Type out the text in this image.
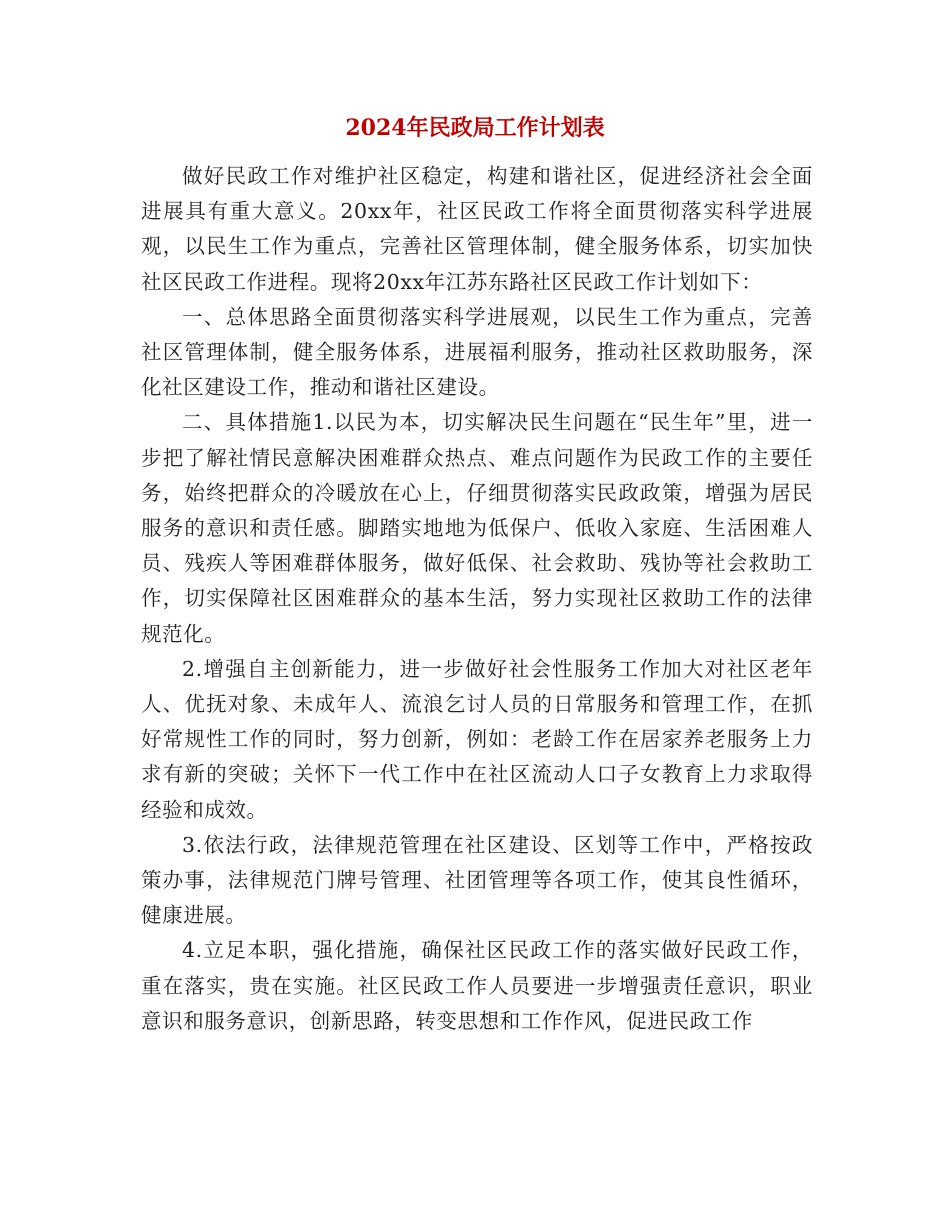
2024年民政局工作计划表

做好民政工作对维护社区稳定，构建和谐社区，促进经济社会全面进展具有重大意义。20xx年，社区民政工作将全面贯彻落实科学进展观，以民生工作为重点，完善社区管理体制，健全服务体系，切实加快社区民政工作进程。现将20xx年江苏东路社区民政工作计划如下：

一、总体思路全面贯彻落实科学进展观，以民生工作为重点，完善社区管理体制，健全服务体系，进展福利服务，推动社区救助服务，深化社区建设工作，推动和谐社区建设。

二、具体措施1.以民为本，切实解决民生问题在“民生年”里，进一步把了解社情民意解决困难群众热点、难点问题作为民政工作的主要任务，始终把群众的冷暖放在心上，仔细贯彻落实民政政策，增强为居民服务的意识和责任感。脚踏实地地为低保户、低收入家庭、生活困难人员、残疾人等困难群体服务，做好低保、社会救助、残协等社会救助工作，切实保障社区困难群众的基本生活，努力实现社区救助工作的法律规范化。

2.增强自主创新能力，进一步做好社会性服务工作加大对社区老年人、优抚对象、未成年人、流浪乞讨人员的日常服务和管理工作，在抓好常规性工作的同时，努力创新，例如：老龄工作在居家养老服务上力求有新的突破；关怀下一代工作中在社区流动人口子女教育上力求取得经验和成效。

3.依法行政，法律规范管理在社区建设、区划等工作中，严格按政策办事，法律规范门牌号管理、社团管理等各项工作，使其良性循环，健康进展。

4.立足本职，强化措施，确保社区民政工作的落实做好民政工作，重在落实，贵在实施。社区民政工作人员要进一步增强责任意识，职业意识和服务意识，创新思路，转变思想和工作作风，促进民政工作
